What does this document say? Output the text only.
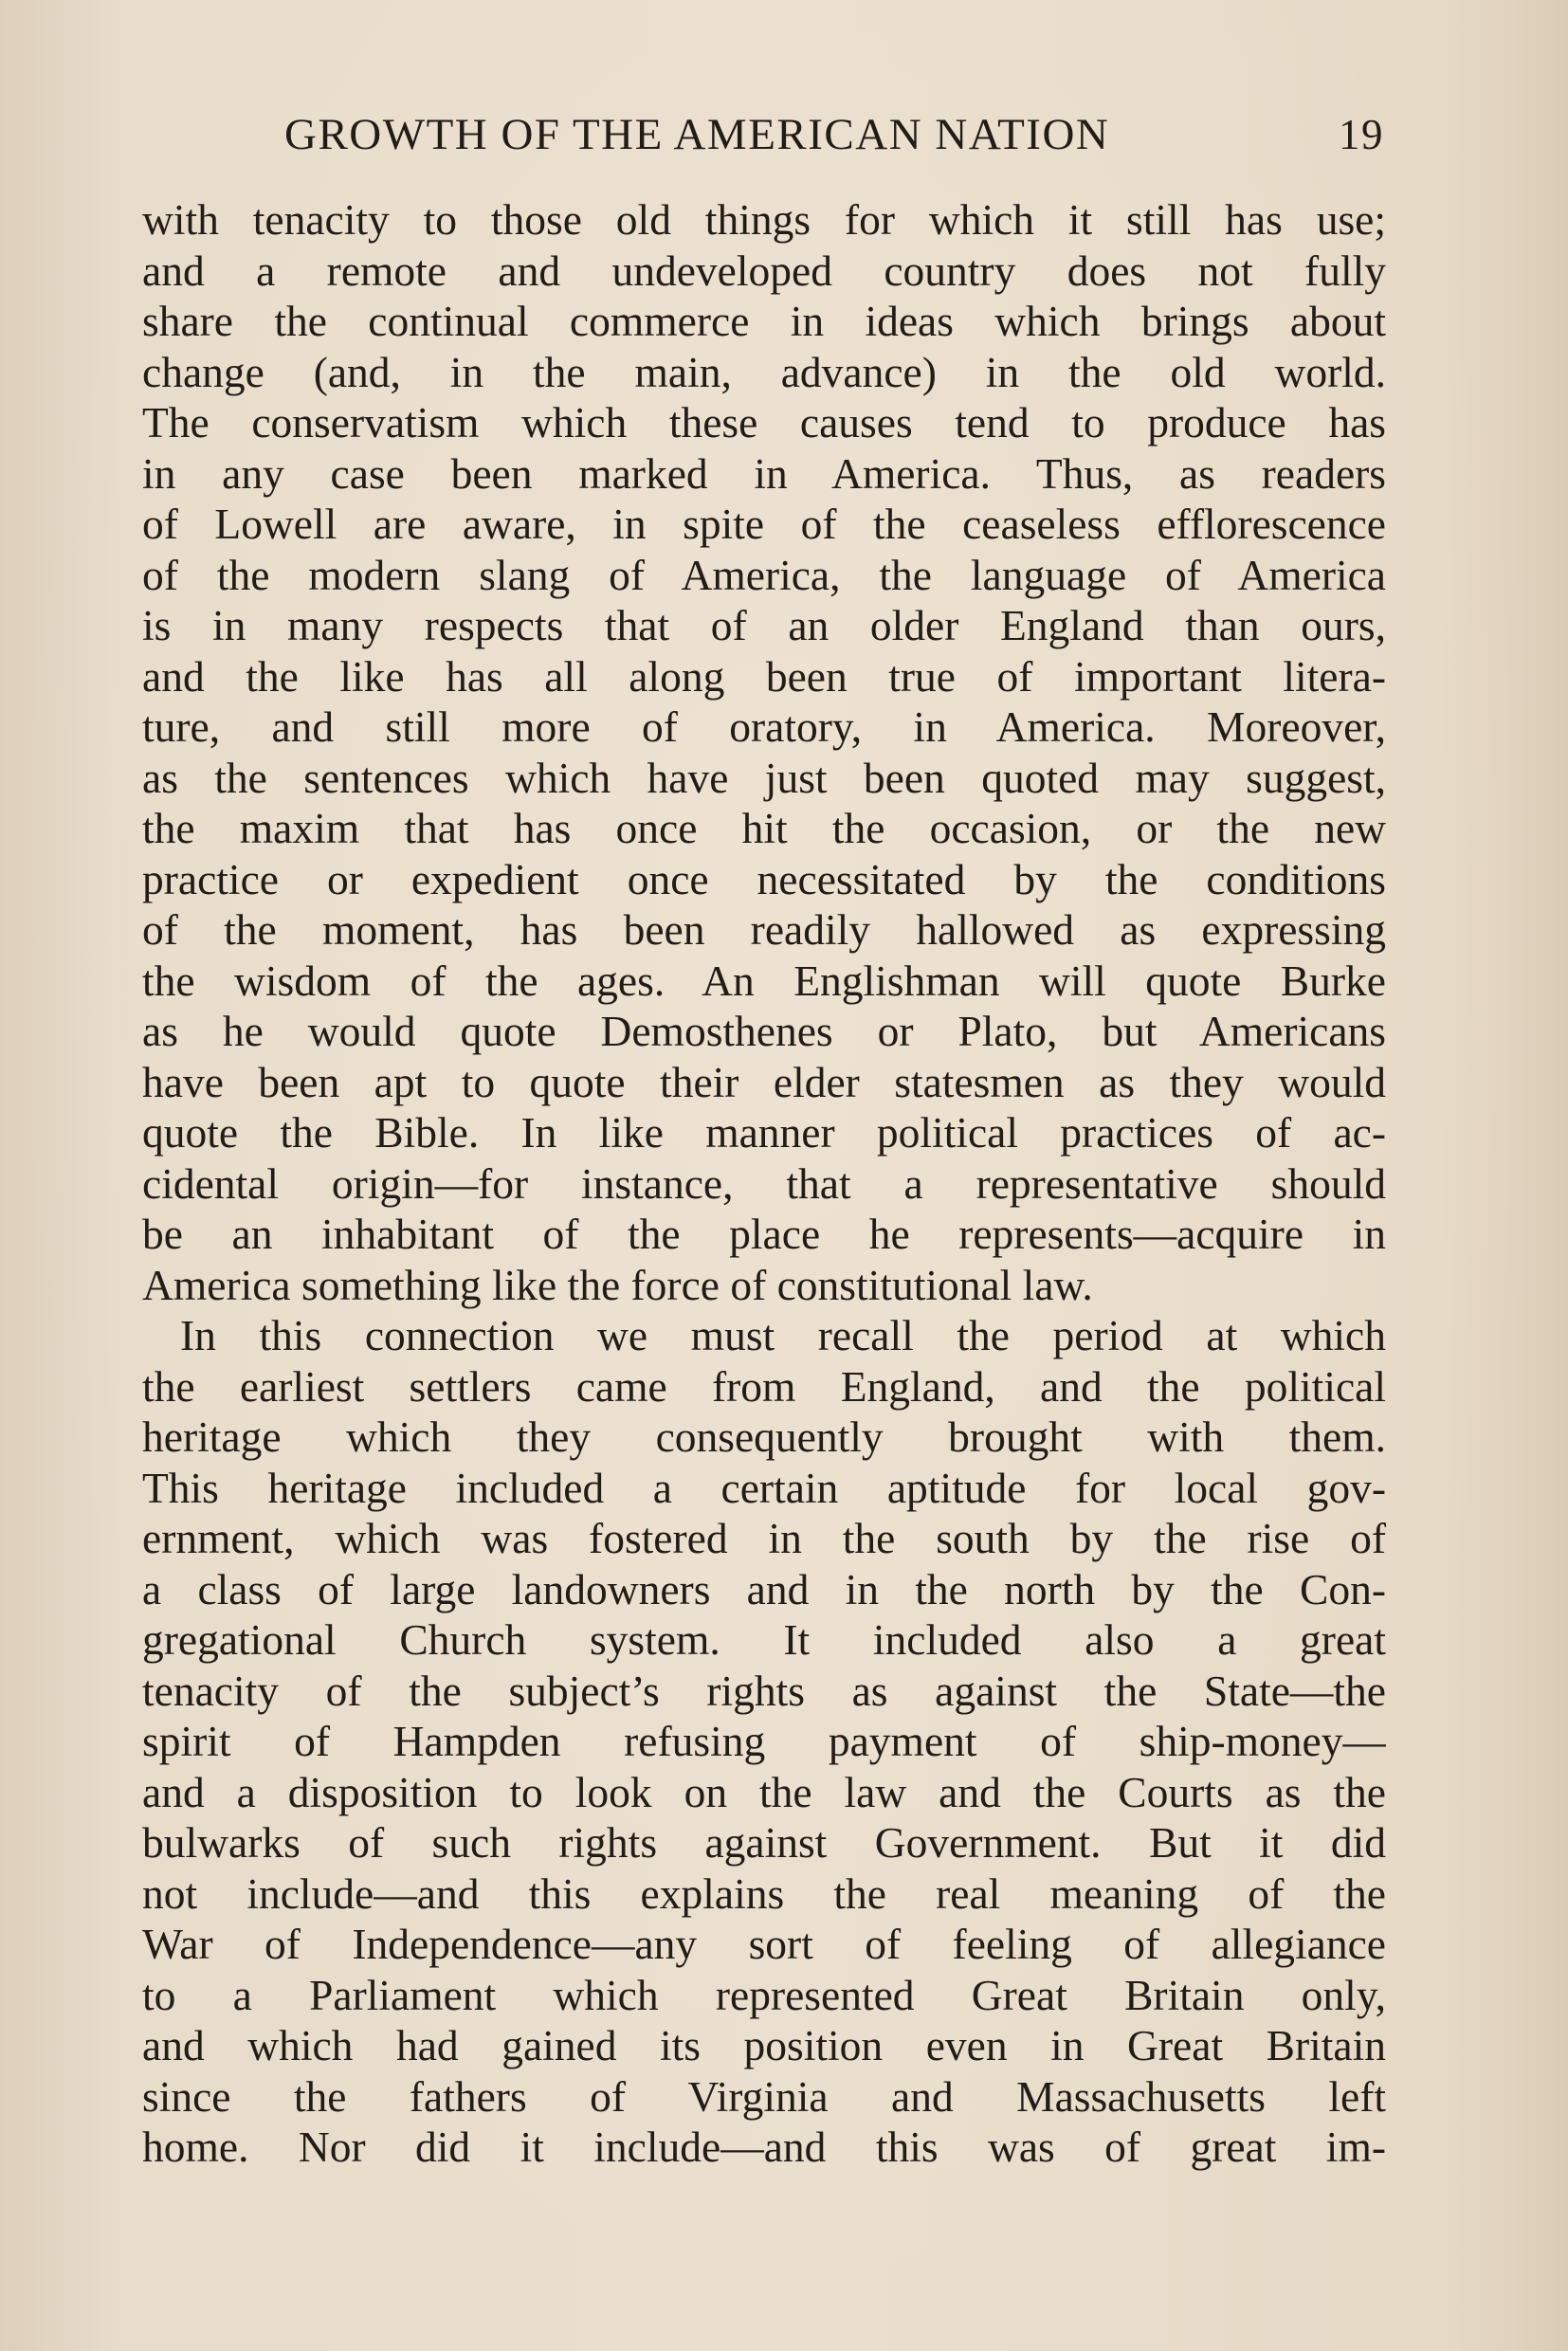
GROWTH OF THE AMERICAN NATION	19
with tenacity to those old things for which it still has use;
and a remote and undeveloped country does not fully
share the continual commerce in ideas which brings about
change (and, in the main, advance) in the old world.
The conservatism which these causes tend to produce has
in any case been marked in America. Thus, as readers
of Lowell are aware, in spite of the ceaseless efflorescence
of the modern slang of America, the language of America
is in many respects that of an older England than ours,
and the like has all along been true of important litera-
ture, and still more of oratory, in America. Moreover,
as the sentences which have just been quoted may suggest,
the maxim that has once hit the occasion, or the new
practice or expedient once necessitated by the conditions
of the moment, has been readily hallowed as expressing
the wisdom of the ages. An Englishman will quote Burke
as he would quote Demosthenes or Plato, but Americans
have been apt to quote their elder statesmen as they would
quote the Bible. In like manner political practices of ac-
cidental origin—for instance, that a representative should
be an inhabitant of the place he represents—acquire in
America something like the force of constitutional law.
In this connection we must recall the period at which
the earliest settlers came from England, and the political
heritage which they consequently brought with them.
This heritage included a certain aptitude for local gov-
ernment, which was fostered in the south by the rise of
a class of large landowners and in the north by the Con-
gregational Church system. It included also a great
tenacity of the subject’s rights as against the State—the
spirit of Hampden refusing payment of ship-money—
and a disposition to look on the law and the Courts as the
bulwarks of such rights against Government. But it did
not include—and this explains the real meaning of the
War of Independence—any sort of feeling of allegiance
to a Parliament which represented Great Britain only,
and which had gained its position even in Great Britain
since the fathers of Virginia and Massachusetts left
home. Nor did it include—and this was of great im-
